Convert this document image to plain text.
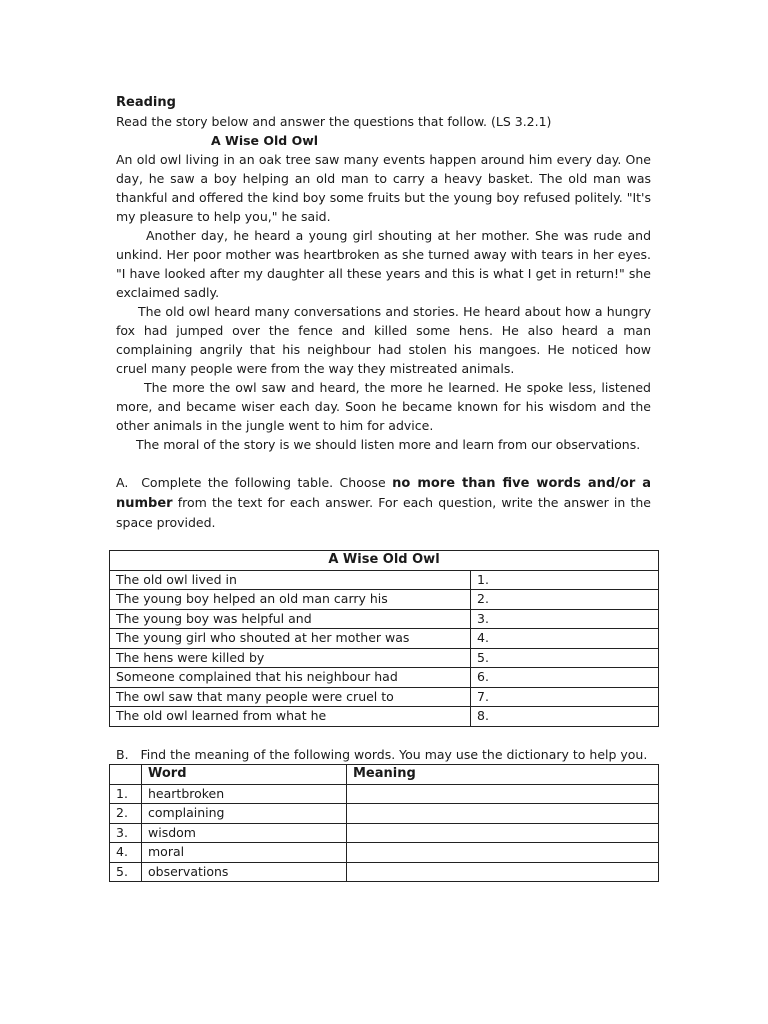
Reading

Read the story below and answer the questions that follow. (LS 3.2.1)

A Wise Old Owl

An old owl living in an oak tree saw many events happen around him every day. One day, he saw a boy helping an old man to carry a heavy basket. The old man was thankful and offered the kind boy some fruits but the young boy refused politely. "It's my pleasure to help you," he said.

Another day, he heard a young girl shouting at her mother. She was rude and unkind. Her poor mother was heartbroken as she turned away with tears in her eyes. "I have looked after my daughter all these years and this is what I get in return!" she exclaimed sadly.

The old owl heard many conversations and stories. He heard about how a hungry fox had jumped over the fence and killed some hens. He also heard a man complaining angrily that his neighbour had stolen his mangoes. He noticed how cruel many people were from the way they mistreated animals.

The more the owl saw and heard, the more he learned. He spoke less, listened more, and became wiser each day. Soon he became known for his wisdom and the other animals in the jungle went to him for advice.

The moral of the story is we should listen more and learn from our observations.

A. Complete the following table. Choose no more than five words and/or a number from the text for each answer. For each question, write the answer in the space provided.

A Wise Old Owl	
The old owl lived in	1.
The young boy helped an old man carry his	2.
The young boy was helpful and	3.
The young girl who shouted at her mother was	4.
The hens were killed by	5.
Someone complained that his neighbour had	6.
The owl saw that many people were cruel to	7.
The old owl learned from what he	8.
B. Find the meaning of the following words. You may use the dictionary to help you.
	Word	Meaning
1.	heartbroken	
2.	complaining	
3.	wisdom	
4.	moral	
5.	observations	
